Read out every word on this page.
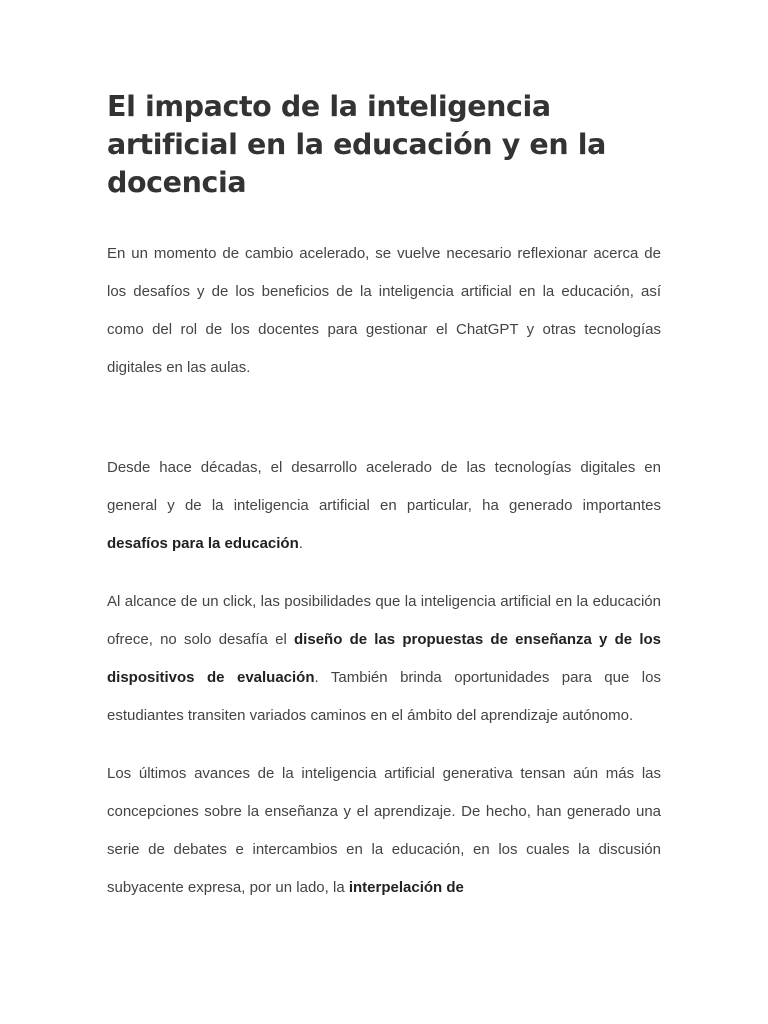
El impacto de la inteligencia artificial en la educación y en la docencia

En un momento de cambio acelerado, se vuelve necesario reflexionar acerca de los desafíos y de los beneficios de la inteligencia artificial en la educación, así como del rol de los docentes para gestionar el ChatGPT y otras tecnologías digitales en las aulas.

Desde hace décadas, el desarrollo acelerado de las tecnologías digitales en general y de la inteligencia artificial en particular, ha generado importantes desafíos para la educación.

Al alcance de un click, las posibilidades que la inteligencia artificial en la educación ofrece, no solo desafía el diseño de las propuestas de enseñanza y de los dispositivos de evaluación. También brinda oportunidades para que los estudiantes transiten variados caminos en el ámbito del aprendizaje autónomo.

Los últimos avances de la inteligencia artificial generativa tensan aún más las concepciones sobre la enseñanza y el aprendizaje. De hecho, han generado una serie de debates e intercambios en la educación, en los cuales la discusión subyacente expresa, por un lado, la interpelación de
